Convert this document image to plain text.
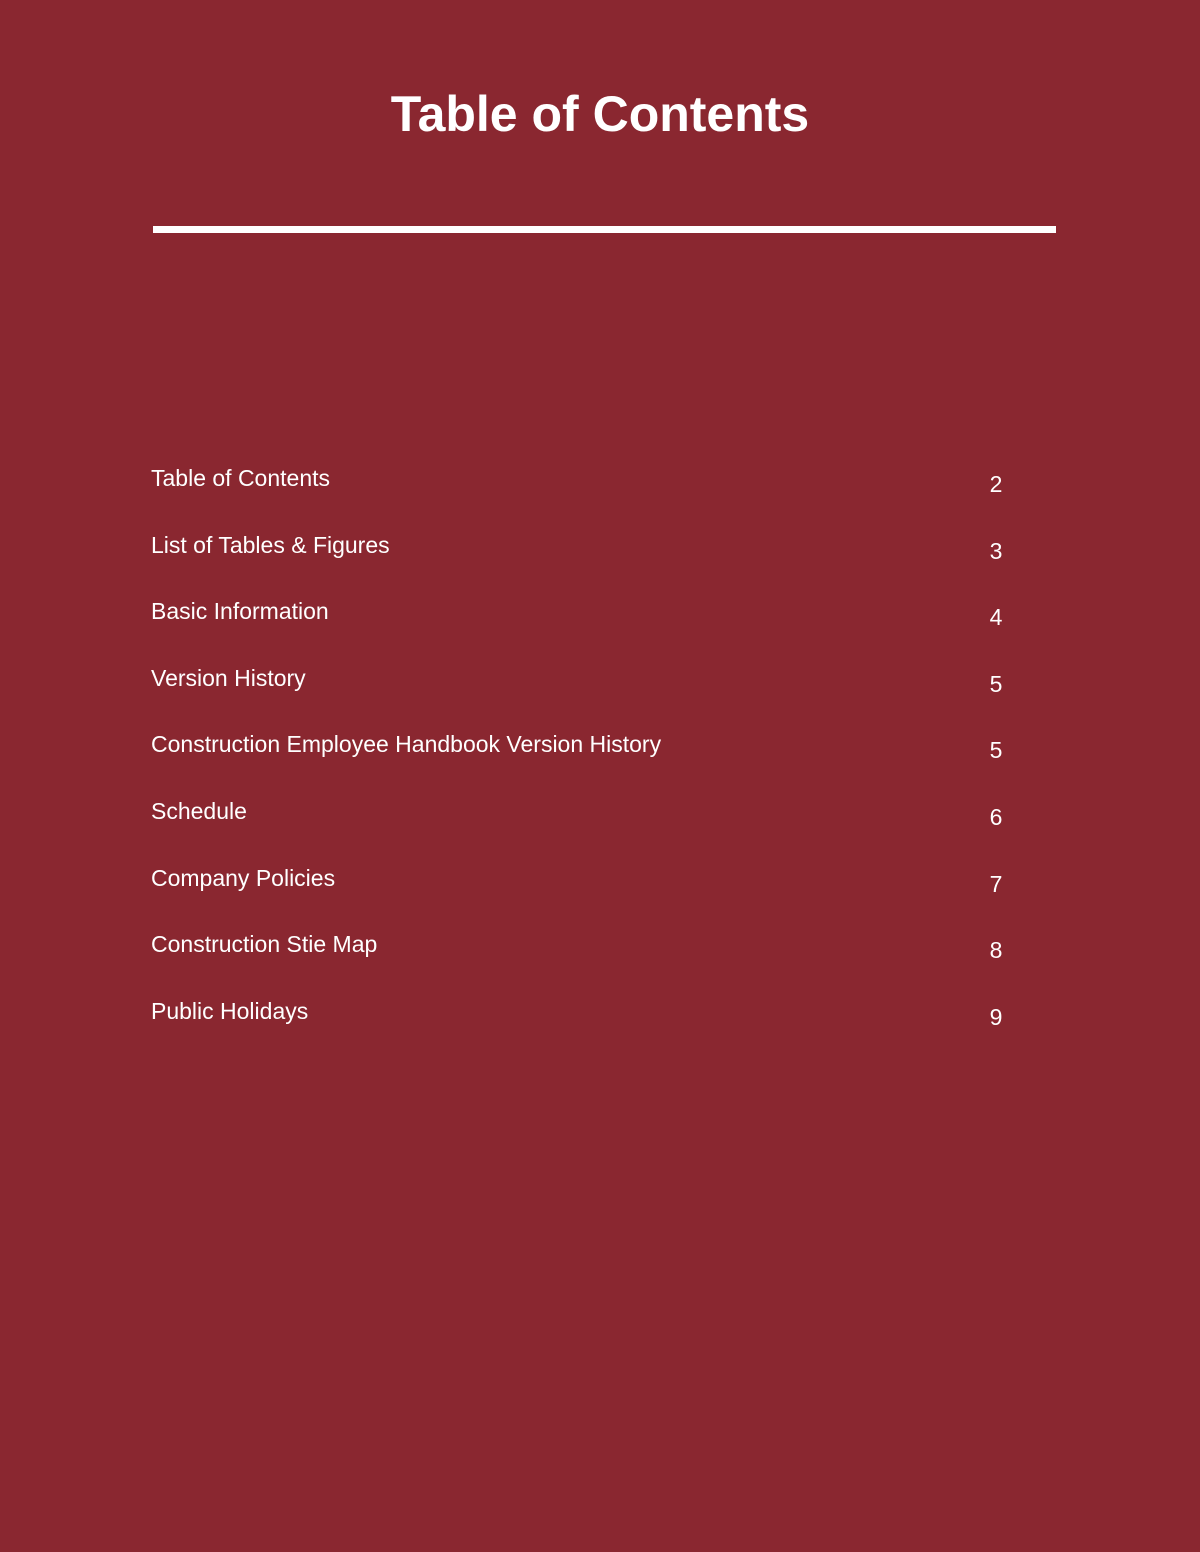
Table of Contents
Table of Contents	2
List of Tables & Figures	3
Basic Information	4
Version History	5
Construction Employee Handbook Version History	5
Schedule	6
Company Policies	7
Construction Stie Map	8
Public Holidays	9
